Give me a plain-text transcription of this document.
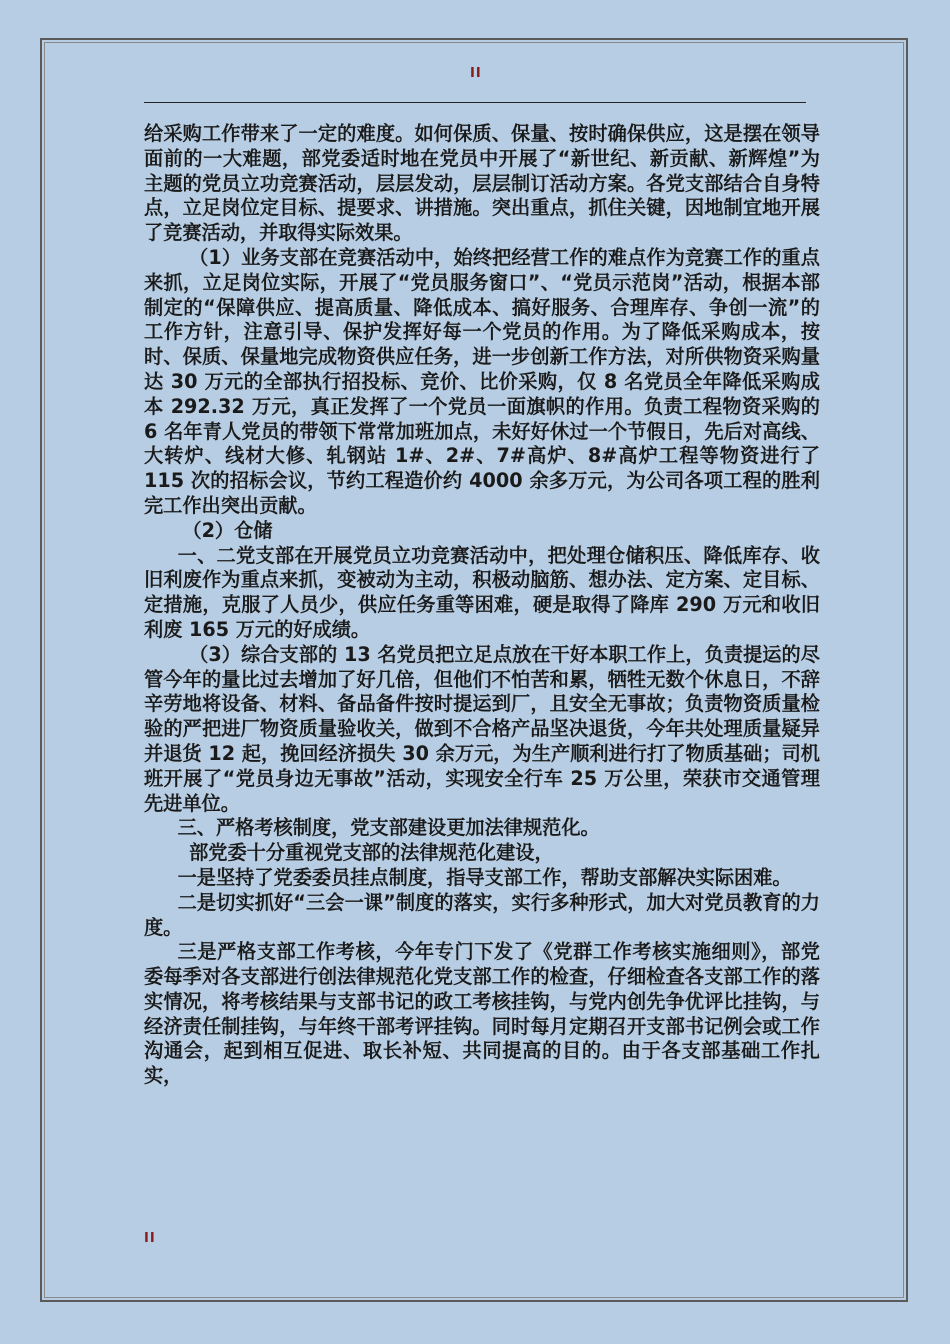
II

给采购工作带来了一定的难度。如何保质、保量、按时确保供应，这是摆在领导面前的一大难题，部党委适时地在党员中开展了“新世纪、新贡献、新辉煌”为主题的党员立功竞赛活动，层层发动，层层制订活动方案。各党支部结合自身特点，立足岗位定目标、提要求、讲措施。突出重点，抓住关键，因地制宜地开展了竞赛活动，并取得实际效果。

（1）业务支部在竞赛活动中，始终把经营工作的难点作为竞赛工作的重点来抓，立足岗位实际，开展了“党员服务窗口”、“党员示范岗”活动，根据本部制定的“保障供应、提高质量、降低成本、搞好服务、合理库存、争创一流”的工作方针，注意引导、保护发挥好每一个党员的作用。为了降低采购成本，按时、保质、保量地完成物资供应任务，进一步创新工作方法，对所供物资采购量达 30 万元的全部执行招投标、竞价、比价采购，仅 8 名党员全年降低采购成本 292.32 万元，真正发挥了一个党员一面旗帜的作用。负责工程物资采购的 6 名年青人党员的带领下常常加班加点，未好好休过一个节假日，先后对高线、大转炉、线材大修、轧钢站 1#、2#、7#高炉、8#高炉工程等物资进行了 115 次的招标会议，节约工程造价约 4000 余多万元，为公司各项工程的胜利完工作出突出贡献。

（2）仓储

一、二党支部在开展党员立功竞赛活动中，把处理仓储积压、降低库存、收旧利废作为重点来抓，变被动为主动，积极动脑筋、想办法、定方案、定目标、定措施，克服了人员少，供应任务重等困难，硬是取得了降库 290 万元和收旧利废 165 万元的好成绩。

（3）综合支部的 13 名党员把立足点放在干好本职工作上，负责提运的尽管今年的量比过去增加了好几倍，但他们不怕苦和累，牺牲无数个休息日，不辞辛劳地将设备、材料、备品备件按时提运到厂，且安全无事故；负责物资质量检验的严把进厂物资质量验收关，做到不合格产品坚决退货，今年共处理质量疑异并退货 12 起，挽回经济损失 30 余万元，为生产顺利进行打了物质基础；司机班开展了“党员身边无事故”活动，实现安全行车 25 万公里，荣获市交通管理先进单位。

三、严格考核制度，党支部建设更加法律规范化。

部党委十分重视党支部的法律规范化建设，

一是坚持了党委委员挂点制度，指导支部工作，帮助支部解决实际困难。

二是切实抓好“三会一课”制度的落实，实行多种形式，加大对党员教育的力度。

三是严格支部工作考核，今年专门下发了《党群工作考核实施细则》，部党委每季对各支部进行创法律规范化党支部工作的检查，仔细检查各支部工作的落实情况，将考核结果与支部书记的政工考核挂钩，与党内创先争优评比挂钩，与经济责任制挂钩，与年终干部考评挂钩。同时每月定期召开支部书记例会或工作沟通会，起到相互促进、取长补短、共同提高的目的。由于各支部基础工作扎实，

II
